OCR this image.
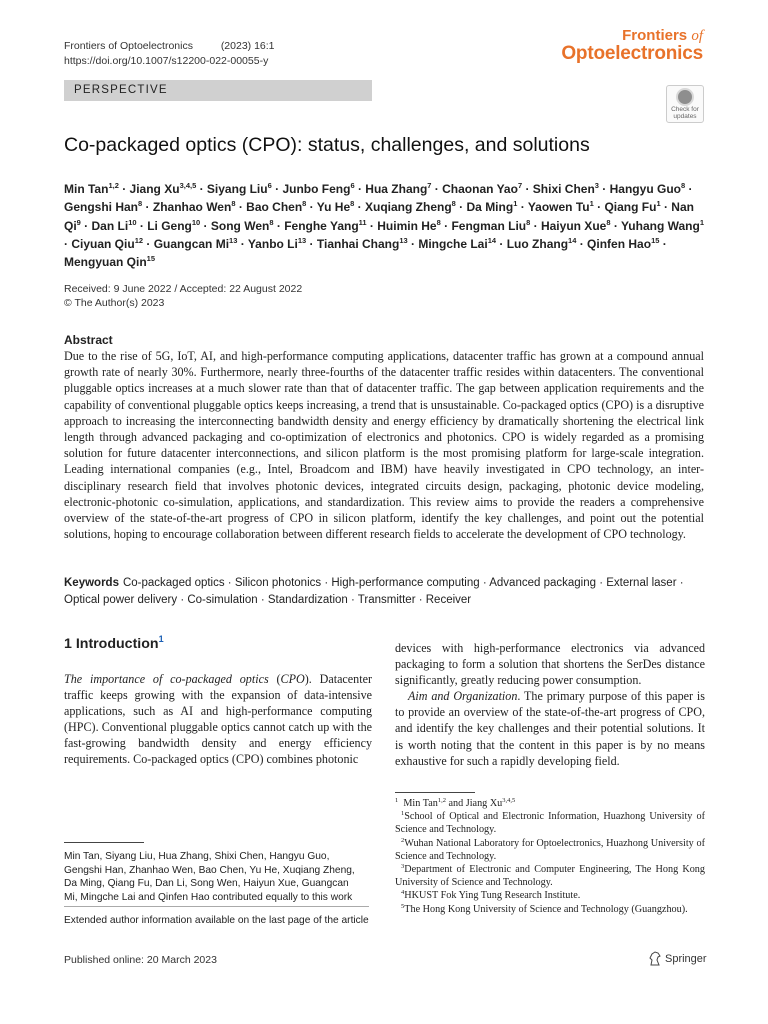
Frontiers of Optoelectronics	(2023) 16:1
https://doi.org/10.1007/s12200-022-00055-y
Frontiers of
Optoelectronics
PERSPECTIVE
Check for
updates
Co-packaged optics (CPO): status, challenges, and solutions
Min Tan$^{1,2}$ · Jiang Xu$^{3,4,5}$ · Siyang Liu$^6$ · Junbo Feng$^6$ · Hua Zhang$^7$ · Chaonan Yao$^7$ · Shixi Chen$^3$ · Hangyu Guo$^8$ · Gengshi Han$^8$ · Zhanhao Wen$^8$ · Bao Chen$^8$ · Yu $He^8$ · Xuqiang Zheng$^8$ · Da Ming$^1$ · Yaowen $Tu^1$ · Qiang $Fu^1$ · Nan $Qi^9$ · Dan $Li^{10} \cdot Li$ Geng$^{10}$ · Song Wen$^8$ · Fenghe Yang$^{11}$ · Huimin $He^8$ · Fengman Liu$^8$ · Haiyun Xue$^8$ · Yuhang Wang$^1$ · Ciyuan Qiu$^{12}$ · Guangcan $Mi^{13}$ · Yanbo $Li^{13}$ · Tianhai Chang$^{13}$ · Mingche Lai$^{14}$ · Luo Zhang$^{14}$ · Qinfen Hao$^{15}$ · Mengyuan Qin$^{15}$
Received: 9 June 2022 / Accepted: 22 August 2022
© The Author(s) 2023
Abstract
Due to the rise of 5G, IoT, AI, and high-performance computing applications, datacenter traffic has grown at a compound annual growth rate of nearly 30%. Furthermore, nearly three-fourths of the datacenter traffic resides within datacenters. The conventional pluggable optics increases at a much slower rate than that of datacenter traffic. The gap between application requirements and the capability of conventional pluggable optics keeps increasing, a trend that is unsustainable. Co-packaged optics (CPO) is a disruptive approach to increasing the interconnecting bandwidth density and energy efficiency by dramatically shortening the electrical link length through advanced packaging and co-optimization of electronics and photonics. CPO is widely regarded as a promising solution for future datacenter interconnections, and silicon platform is the most promising platform for large-scale integration. Leading international companies (e.g., Intel, Broadcom and IBM) have heavily investigated in CPO technology, an inter-disciplinary research field that involves photonic devices, integrated circuits design, packaging, photonic device modeling, electronic-photonic co-simulation, applications, and standardization. This review aims to provide the readers a comprehensive overview of the state-of-the-art progress of CPO in silicon platform, identify the key challenges, and point out the potential solutions, hoping to encourage collaboration between different research fields to accelerate the development of CPO technology.
Keywords Co-packaged optics · Silicon photonics · High-performance computing · Advanced packaging · External laser · Optical power delivery · Co-simulation · Standardization · Transmitter · Receiver
1 Introduction$^1$

The importance of co-packaged optics (CPO). Datacenter traffic keeps growing with the expansion of data-intensive applications, such as AI and high-performance computing (HPC). Conventional pluggable optics cannot catch up with the fast-growing bandwidth density and energy efficiency requirements. Co-packaged optics (CPO) combines photonic

devices with high-performance electronics via advanced packaging to form a solution that shortens the SerDes distance significantly, greatly reducing power consumption.

Aim and Organization. The primary purpose of this paper is to provide an overview of the state-of-the-art progress of CPO, and identify the key challenges and their potential solutions. It is worth noting that the content in this paper is by no means exhaustive for such a rapidly developing field.

Min Tan, Siyang Liu, Hua Zhang, Shixi Chen, Hangyu Guo, Gengshi Han, Zhanhao Wen, Bao Chen, Yu He, Xuqiang Zheng, Da Ming, Qiang Fu, Dan Li, Song Wen, Haiyun Xue, Guangcan Mi, Mingche Lai and Qinfen Hao contributed equally to this work
Extended author information available on the last page of the article

$^1$ Min Tan$^{1,2}$ and Jiang Xu$^{3,4,5}$

$^1$School of Optical and Electronic Information, Huazhong University of Science and Technology.

$^2$Wuhan National Laboratory for Optoelectronics, Huazhong University of Science and Technology.

$^3$Department of Electronic and Computer Engineering, The Hong Kong University of Science and Technology.

$^4$HKUST Fok Ying Tung Research Institute.

$^5$The Hong Kong University of Science and Technology (Guangzhou).

Published online: 20 March 2023	Springer
